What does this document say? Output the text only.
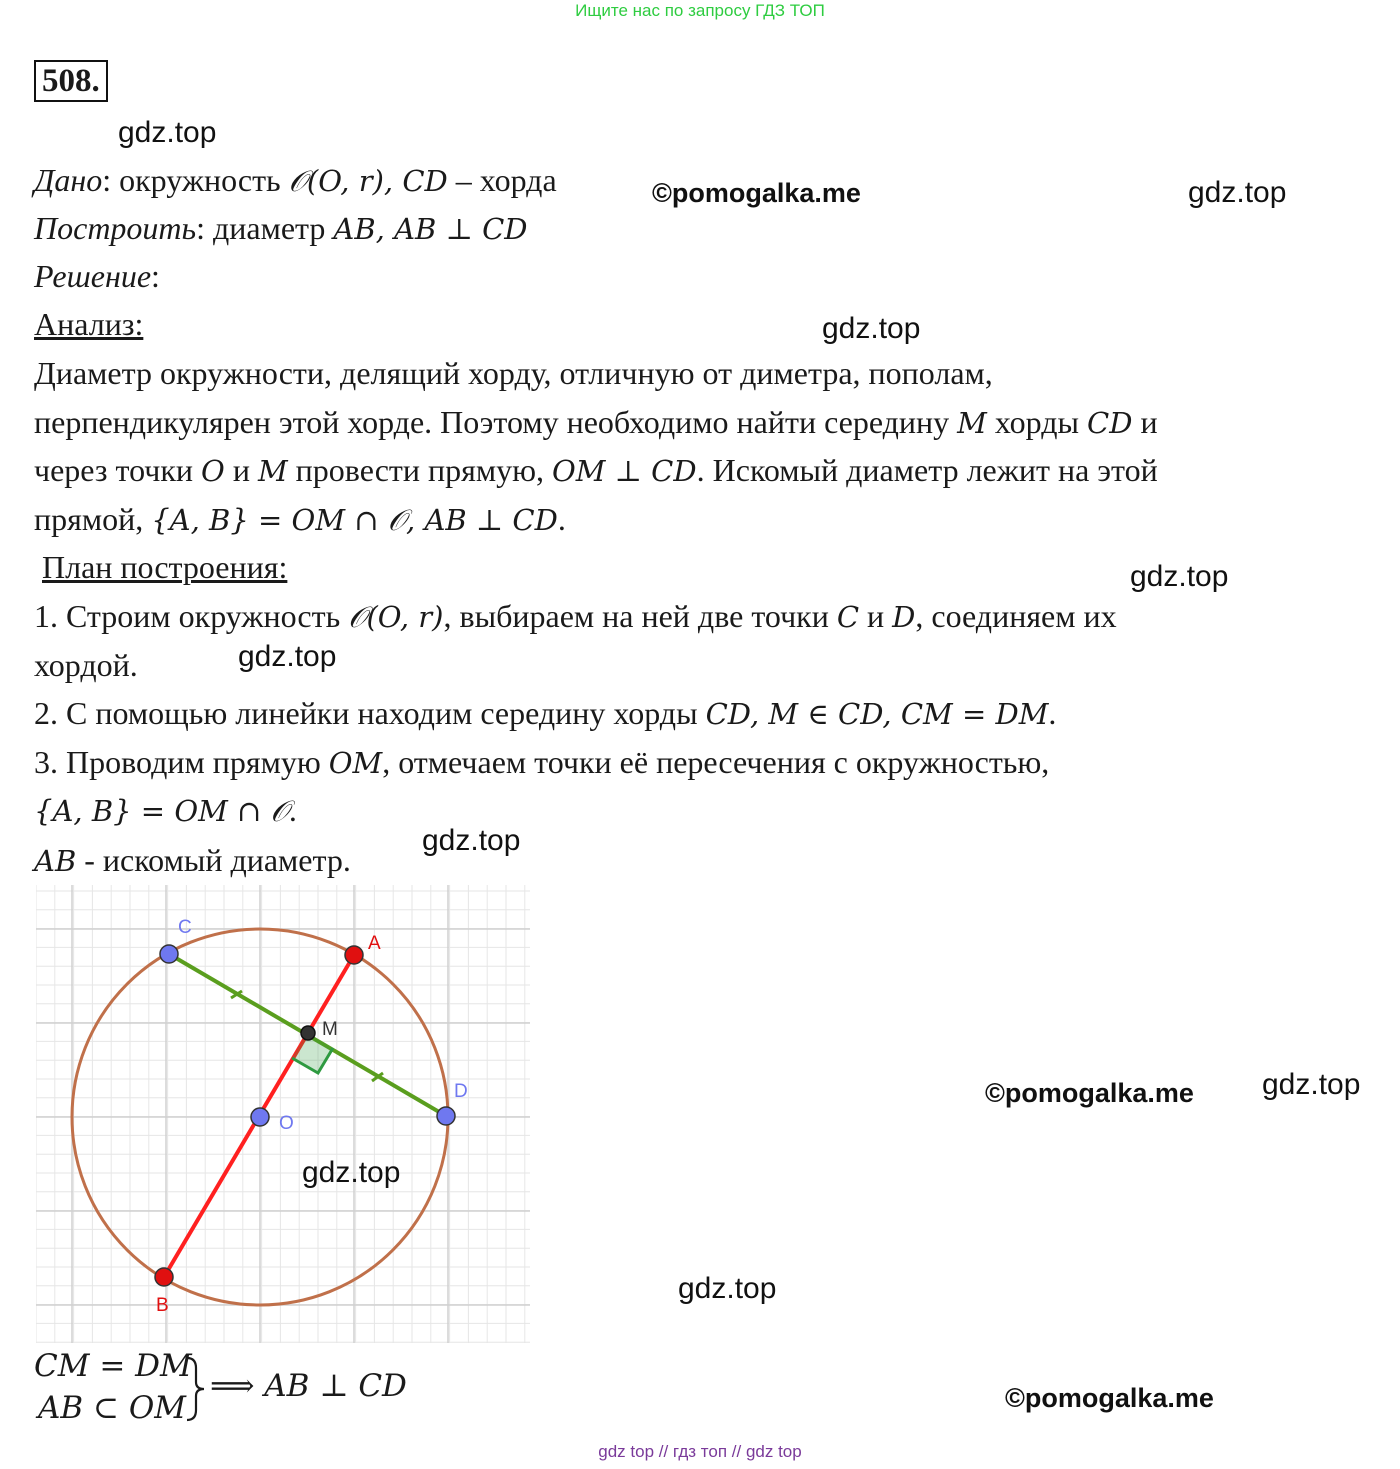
Ищите нас по запросу ГДЗ ТОП
508.
gdz.top
Дано: окружность 𝒪(O, r), CD – хорда	©pomogalka.me	gdz.top
Построить: диаметр AB, AB ⊥ CD
Решение:
Анализ:	gdz.top
Диаметр окружности, делящий хорду, отличную от диметра, пополам,
перпендикулярен этой хорде. Поэтому необходимо найти середину M хорды CD и
через точки O и M провести прямую, OM ⊥ CD. Искомый диаметр лежит на этой
прямой, {A, B} = OM ∩ 𝒪, AB ⊥ CD.
План построения:	gdz.top
1. Строим окружность 𝒪(O, r), выбираем на ней две точки C и D, соединяем их
хордой.	gdz.top
2. С помощью линейки находим середину хорды CD, M ∈ CD, CM = DM.
3. Проводим прямую OM, отмечаем точки её пересечения с окружностью,
{A, B} = OM ∩ 𝒪.
AB - искомый диаметр.
gdz.top
C
A
M
D
O
B
gdz.top
©pomogalka.me gdz.top
gdz.top
CM = DM
AB ⊂ OM
⟹ AB ⊥ CD	©pomogalka.me
gdz top // гдз топ // gdz top
